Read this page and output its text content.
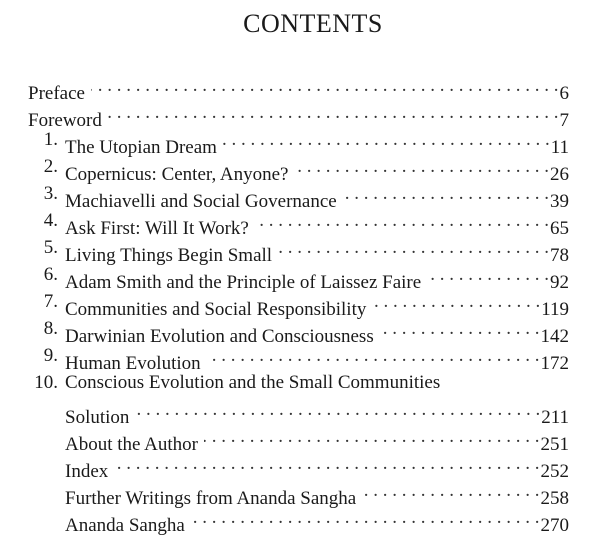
CONTENTS
Preface . . .	6
Foreword . . .	7
1. The Utopian Dream . . .	11
2. Copernicus: Center, Anyone? . . .	26
3. Machiavelli and Social Governance . . .	39
4. Ask First: Will It Work? . . .	65
5. Living Things Begin Small . . .	78
6. Adam Smith and the Principle of Laissez Faire . . .	92
7. Communities and Social Responsibility . . .	119
8. Darwinian Evolution and Consciousness . . .	142
9. Human Evolution . . .	172
10. Conscious Evolution and the Small Communities
Solution . . .	211
About the Author . . .	251
Index . . .	252
Further Writings from Ananda Sangha . . .	258
Ananda Sangha . . .	270
